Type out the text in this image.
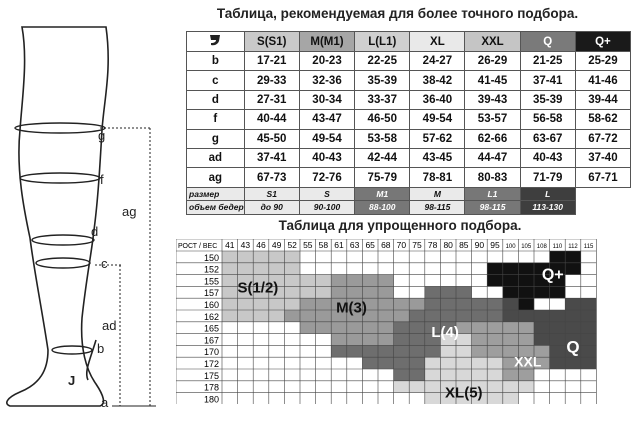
g
f
d
c
b
a
ag
ad
J
Таблица, рекомендуемая для более точного подбора.
	S(S1)	M(M1)	L(L1)	XL	XXL	Q	Q+
b	17-21	20-23	22-25	24-27	26-29	21-25	25-29
c	29-33	32-36	35-39	38-42	41-45	37-41	41-46
d	27-31	30-34	33-37	36-40	39-43	35-39	39-44
f	40-44	43-47	46-50	49-54	53-57	56-58	58-62
g	45-50	49-54	53-58	57-62	62-66	63-67	67-72
ad	37-41	40-43	42-44	43-45	44-47	40-43	37-40
ag	67-73	72-76	75-79	78-81	80-83	71-79	67-71
размер	S1	S	M1	M	L1	L
объем бедер	до 90	90-100	88-100	98-115	98-115	113-130
Таблица для упрощенного подбора.
РОСТ / ВЕС 41 43 46 49 52 55 58 61 63 65 68 70 75 78 80 85 90 95 100 105 108 110 112 115
150
152
155
157
160
162
165
167
170
172
175
178
180
S(1/2)
M(3)
L(4)
XL(5)
XXL
Q+
Q
